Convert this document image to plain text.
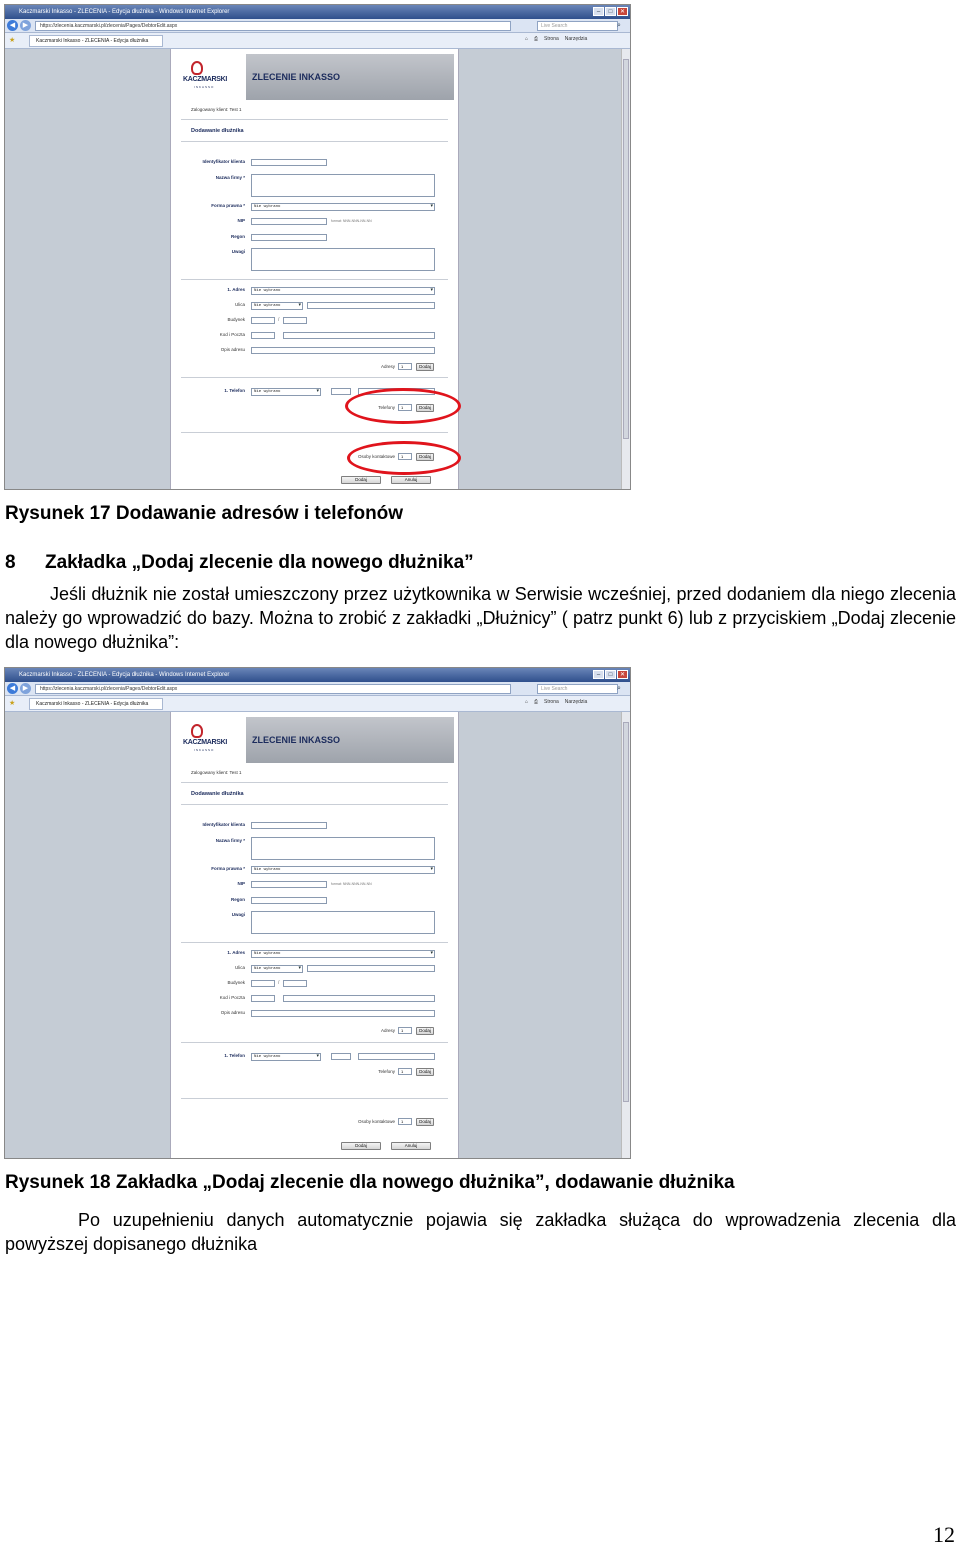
Kaczmarski Inkasso - ZLECENIA - Edycja dłużnika - Windows Internet Explorer	–	□	✕
◀	▶	https://zlecenia.kaczmarski.pl/zlecenia/Pages/DebtorEdit.aspx	Live Search	⌕
★	Kaczmarski Inkasso - ZLECENIA - Edycja dłużnika	⌂ ⎙ Strona Narzędzia
KACZMARSKI
INKASSO
ZLECENIE INKASSO
Zalogowany klient: Test 1
Dodawanie dłużnika
Identyfikator klienta
Nazwa firmy *
Forma prawna *	Nie wybrano ▾
NIP	format: NNN-NNN-NN-NN
Regon
Uwagi
1. Adres	Nie wybrano ▾
Ulica	Nie wybrano ▾
Budynek	/
Kod i Poczta
Opis adresu
Adresy	1	Dodaj
1. Telefon	Nie wybrano ▾
Telefony	1	Dodaj
Osoby kontaktowe	1	Dodaj
Dodaj	Anuluj
Rysunek 17 Dodawanie adresów i telefonów
8 Zakładka „Dodaj zlecenie dla nowego dłużnika”
Jeśli dłużnik nie został umieszczony przez użytkownika w Serwisie wcześniej, przed dodaniem dla niego zlecenia należy go wprowadzić do bazy. Można to zrobić z zakładki „Dłużnicy” ( patrz punkt 6) lub z przyciskiem „Dodaj zlecenie dla nowego dłużnika”:
Kaczmarski Inkasso - ZLECENIA - Edycja dłużnika - Windows Internet Explorer	–	□	✕
◀	▶	https://zlecenia.kaczmarski.pl/zlecenia/Pages/DebtorEdit.aspx	Live Search	⌕
★	Kaczmarski Inkasso - ZLECENIA - Edycja dłużnika	⌂ ⎙ Strona Narzędzia
KACZMARSKI
INKASSO
ZLECENIE INKASSO
Zalogowany klient: Test 1
Dodawanie dłużnika
Identyfikator klienta
Nazwa firmy *
Forma prawna *	Nie wybrano ▾
NIP	format: NNN-NNN-NN-NN
Regon
Uwagi
1. Adres	Nie wybrano ▾
Ulica	Nie wybrano ▾
Budynek	/
Kod i Poczta
Opis adresu
Adresy	1	Dodaj
1. Telefon	Nie wybrano ▾
Telefony	1	Dodaj
Osoby kontaktowe	1	Dodaj
Dodaj	Anuluj
Rysunek 18 Zakładka „Dodaj zlecenie dla nowego dłużnika”, dodawanie dłużnika
Po uzupełnieniu danych automatycznie pojawia się zakładka służąca do wprowadzenia zlecenia dla powyższej dopisanego dłużnika
12
